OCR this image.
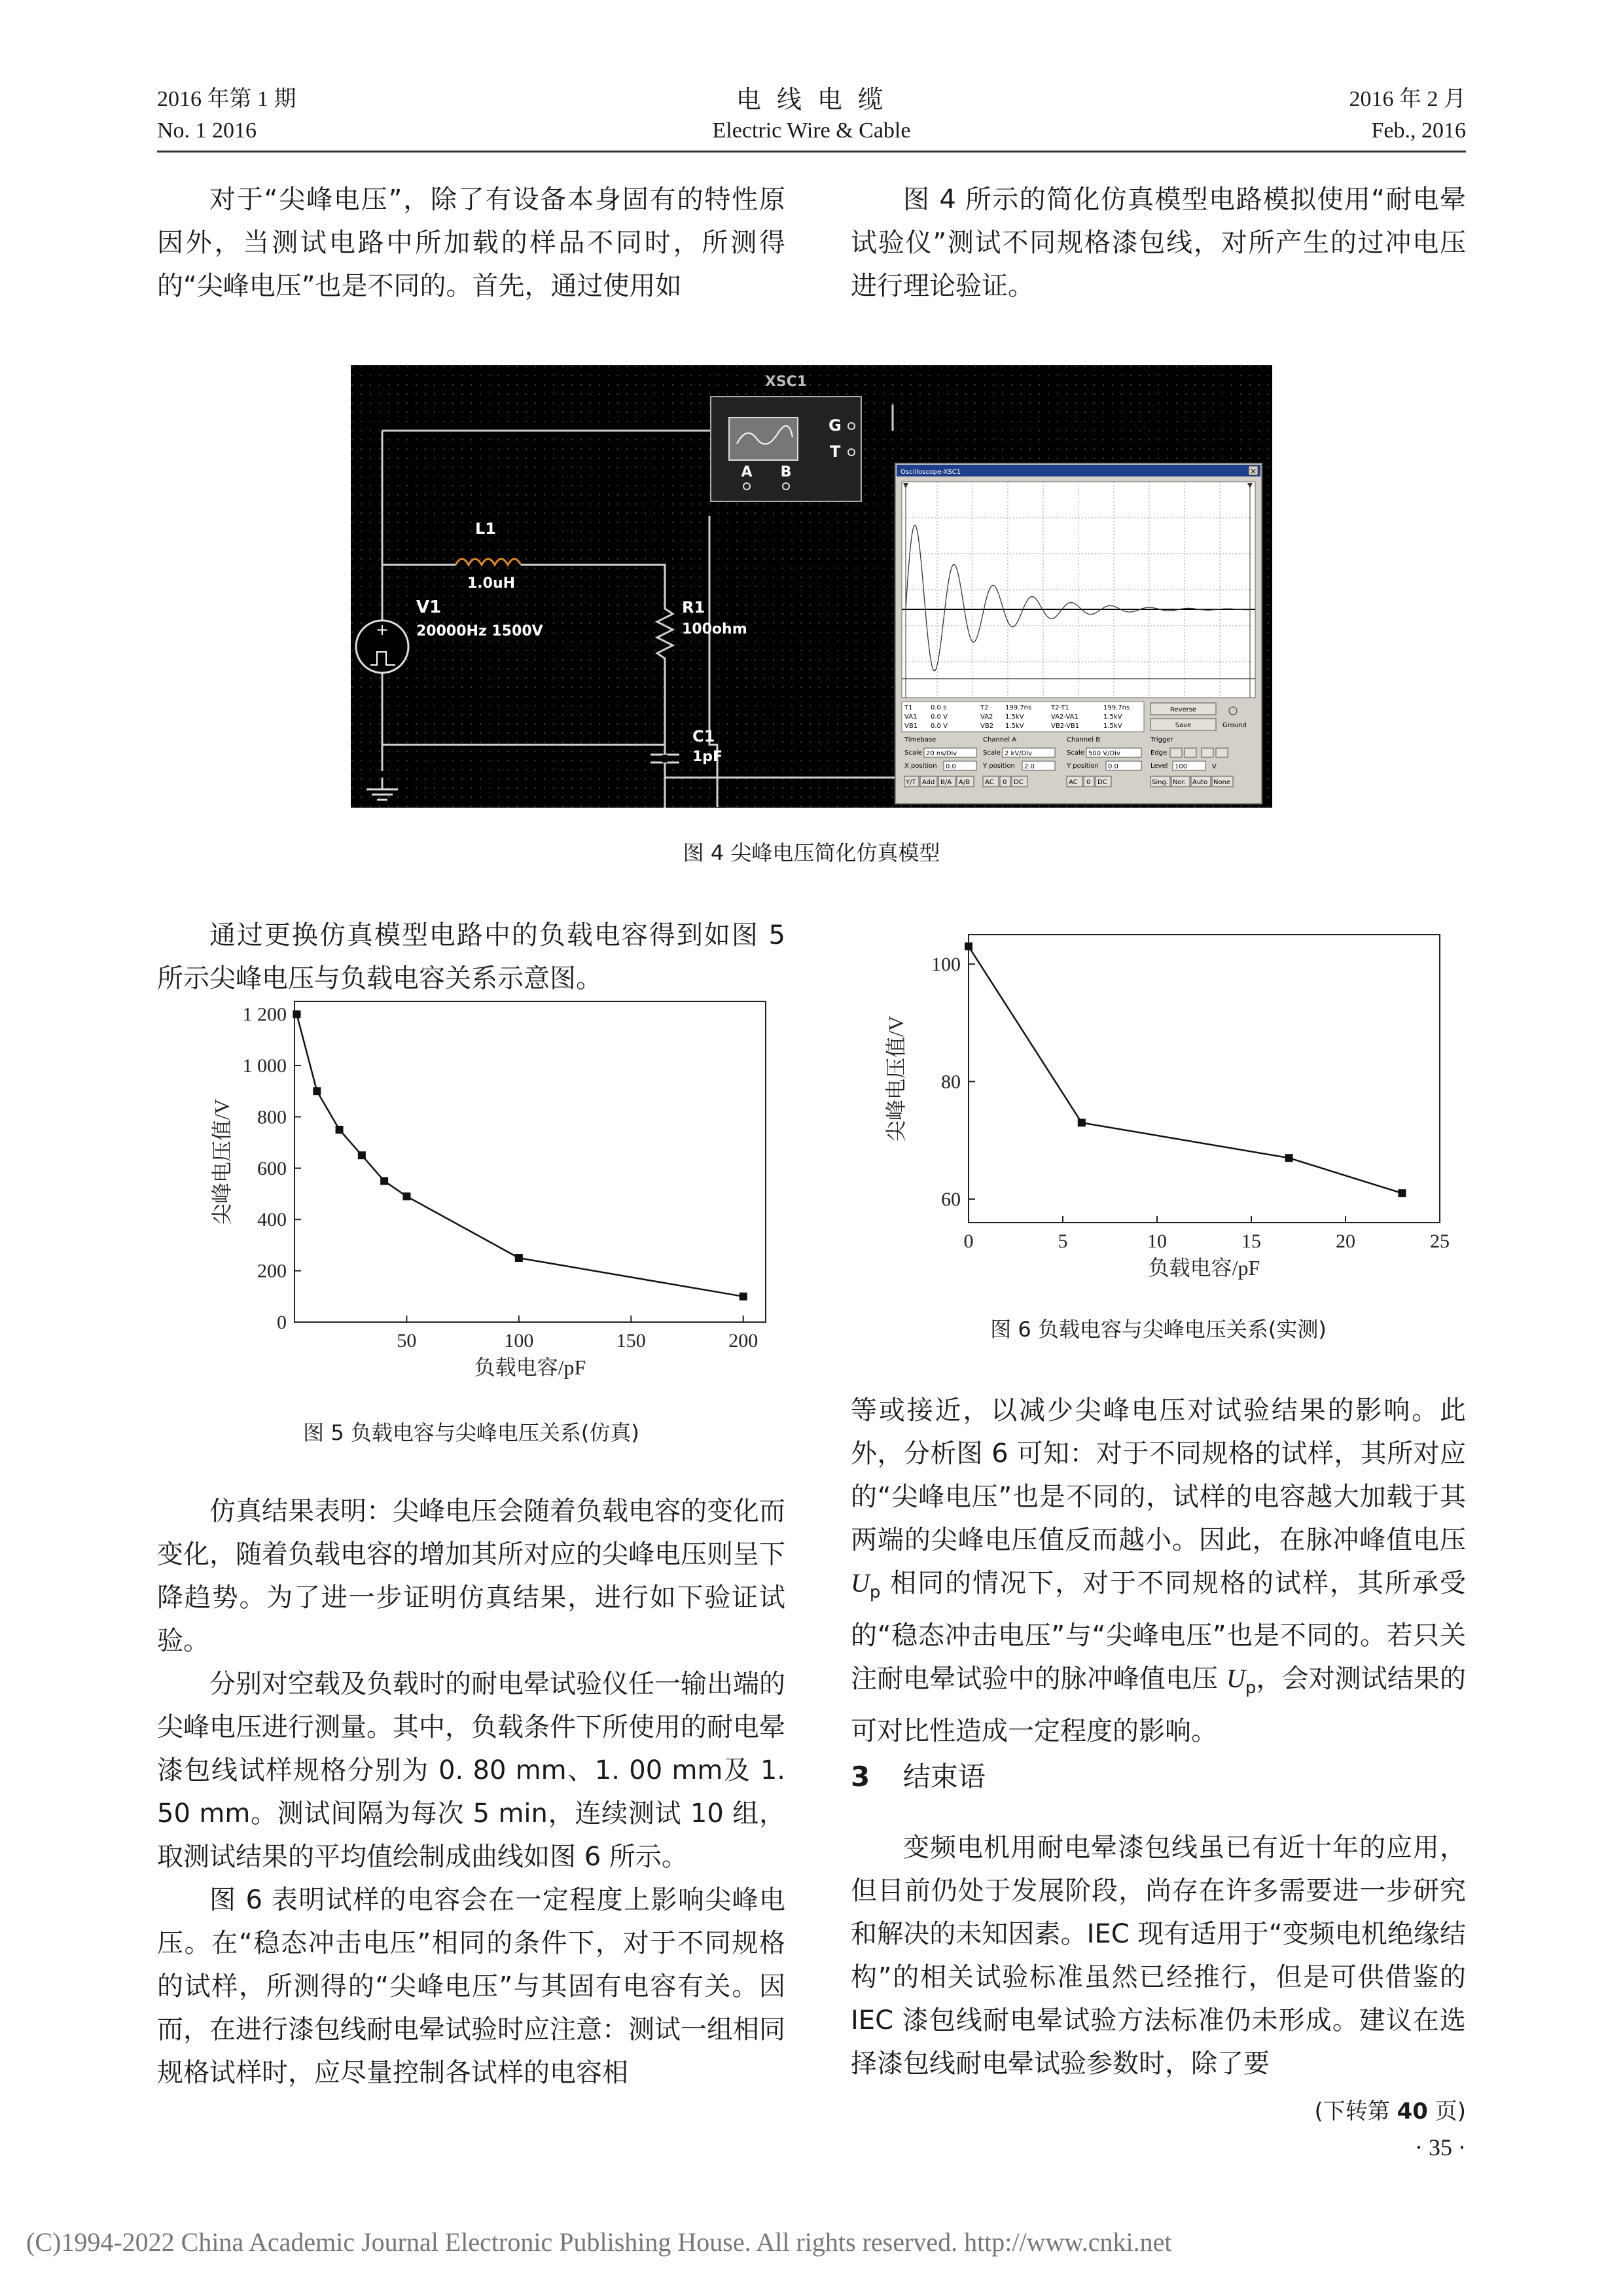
2016 年第 1 期
No. 1 2016
电 线 电 缆
Electric Wire & Cable
2016 年 2 月
Feb., 2016

对于“尖峰电压”，除了有设备本身固有的特性原因外，当测试电路中所加载的样品不同时，所测得的“尖峰电压”也是不同的。首先，通过使用如

图 4 所示的简化仿真模型电路模拟使用“耐电晕试验仪”测试不同规格漆包线，对所产生的过冲电压进行理论验证。

XSC1
A B
G
T
L1
1.0uH
+
V1
20000Hz 1500V
R1
100ohm
C1
1pF
Oscilloscope-XSC1	×
T1
VA1
VB1
0.0 s
0.0 V
0.0 V
T2
VA2
VB2
199.7ns
1.5kV
1.5kV
T2-T1
VA2-VA1
VB2-VB1
199.7ns
1.5kV
1.5kV
Reverse
Save	Ground
Timebase	Channel A	Channel B	Trigger
Scale	Scale	Scale	Edge
X position	Y position	Y position	Level
20 ns/Div	2 kV/Div	500 V/Div
0.0	2.0	0.0	100	V
Y/T Add B/A A/B AC 0 DC	AC 0 DC	Sing. Nor. Auto None
图 4 尖峰电压简化仿真模型

通过更换仿真模型电路中的负载电容得到如图 5 所示尖峰电压与负载电容关系示意图。

50	100	150	200
0
200
400
600
800
1 000
1 200
负载电容/pF
尖峰电压值/V
图 5 负载电容与尖峰电压关系(仿真)

仿真结果表明：尖峰电压会随着负载电容的变化而变化，随着负载电容的增加其所对应的尖峰电压则呈下降趋势。为了进一步证明仿真结果，进行如下验证试验。

分别对空载及负载时的耐电晕试验仪任一输出端的尖峰电压进行测量。其中，负载条件下所使用的耐电晕漆包线试样规格分别为 0. 80 mm、1. 00 mm及 1. 50 mm。测试间隔为每次 5 min，连续测试 10 组，取测试结果的平均值绘制成曲线如图 6 所示。

图 6 表明试样的电容会在一定程度上影响尖峰电压。在“稳态冲击电压”相同的条件下，对于不同规格的试样，所测得的“尖峰电压”与其固有电容有关。因而，在进行漆包线耐电晕试验时应注意：测试一组相同规格试样时，应尽量控制各试样的电容相

0	5	10	15	20	25
60
80
100
负载电容/pF
尖峰电压值/V
图 6 负载电容与尖峰电压关系(实测)

等或接近，以减少尖峰电压对试验结果的影响。此外，分析图 6 可知：对于不同规格的试样，其所对应的“尖峰电压”也是不同的，试样的电容越大加载于其两端的尖峰电压值反而越小。因此，在脉冲峰值电压 $U_p$ 相同的情况下，对于不同规格的试样，其所承受的“稳态冲击电压”与“尖峰电压”也是不同的。若只关注耐电晕试验中的脉冲峰值电压 $U_p$，会对测试结果的可对比性造成一定程度的影响。

3 结束语

变频电机用耐电晕漆包线虽已有近十年的应用，但目前仍处于发展阶段，尚存在许多需要进一步研究和解决的未知因素。IEC 现有适用于“变频电机绝缘结构”的相关试验标准虽然已经推行，但是可供借鉴的 IEC 漆包线耐电晕试验方法标准仍未形成。建议在选择漆包线耐电晕试验参数时，除了要

(下转第 40 页)
· 35 ·
(C)1994-2022 China Academic Journal Electronic Publishing House. All rights reserved. http://www.cnki.net
